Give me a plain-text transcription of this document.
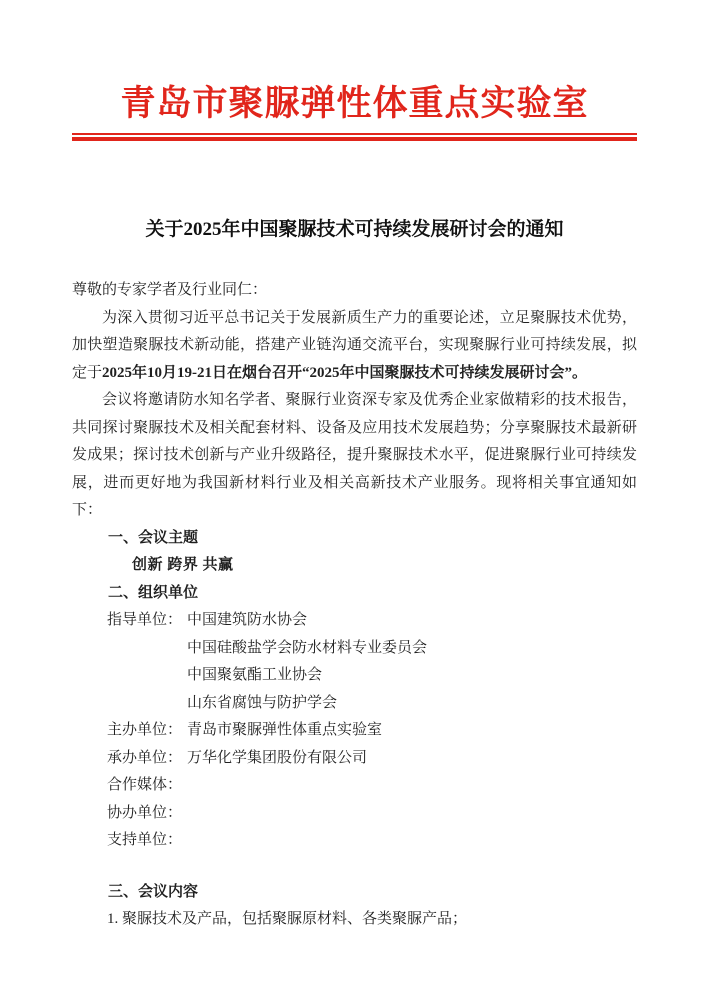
青岛市聚脲弹性体重点实验室
关于2025年中国聚脲技术可持续发展研讨会的通知
尊敬的专家学者及行业同仁：

为深入贯彻习近平总书记关于发展新质生产力的重要论述，立足聚脲技术优势，加快塑造聚脲技术新动能，搭建产业链沟通交流平台，实现聚脲行业可持续发展，拟定于2025年10月19-21日在烟台召开“2025年中国聚脲技术可持续发展研讨会”。

会议将邀请防水知名学者、聚脲行业资深专家及优秀企业家做精彩的技术报告，共同探讨聚脲技术及相关配套材料、设备及应用技术发展趋势；分享聚脲技术最新研发成果；探讨技术创新与产业升级路径，提升聚脲技术水平，促进聚脲行业可持续发展，进而更好地为我国新材料行业及相关高新技术产业服务。现将相关事宜通知如下：

一、会议主题
创新 跨界 共赢
二、组织单位
指导单位： 中国建筑防水协会
中国硅酸盐学会防水材料专业委员会
中国聚氨酯工业协会
山东省腐蚀与防护学会
主办单位： 青岛市聚脲弹性体重点实验室
承办单位： 万华化学集团股份有限公司
合作媒体：
协办单位：
支持单位：
三、会议内容
1. 聚脲技术及产品，包括聚脲原材料、各类聚脲产品；
